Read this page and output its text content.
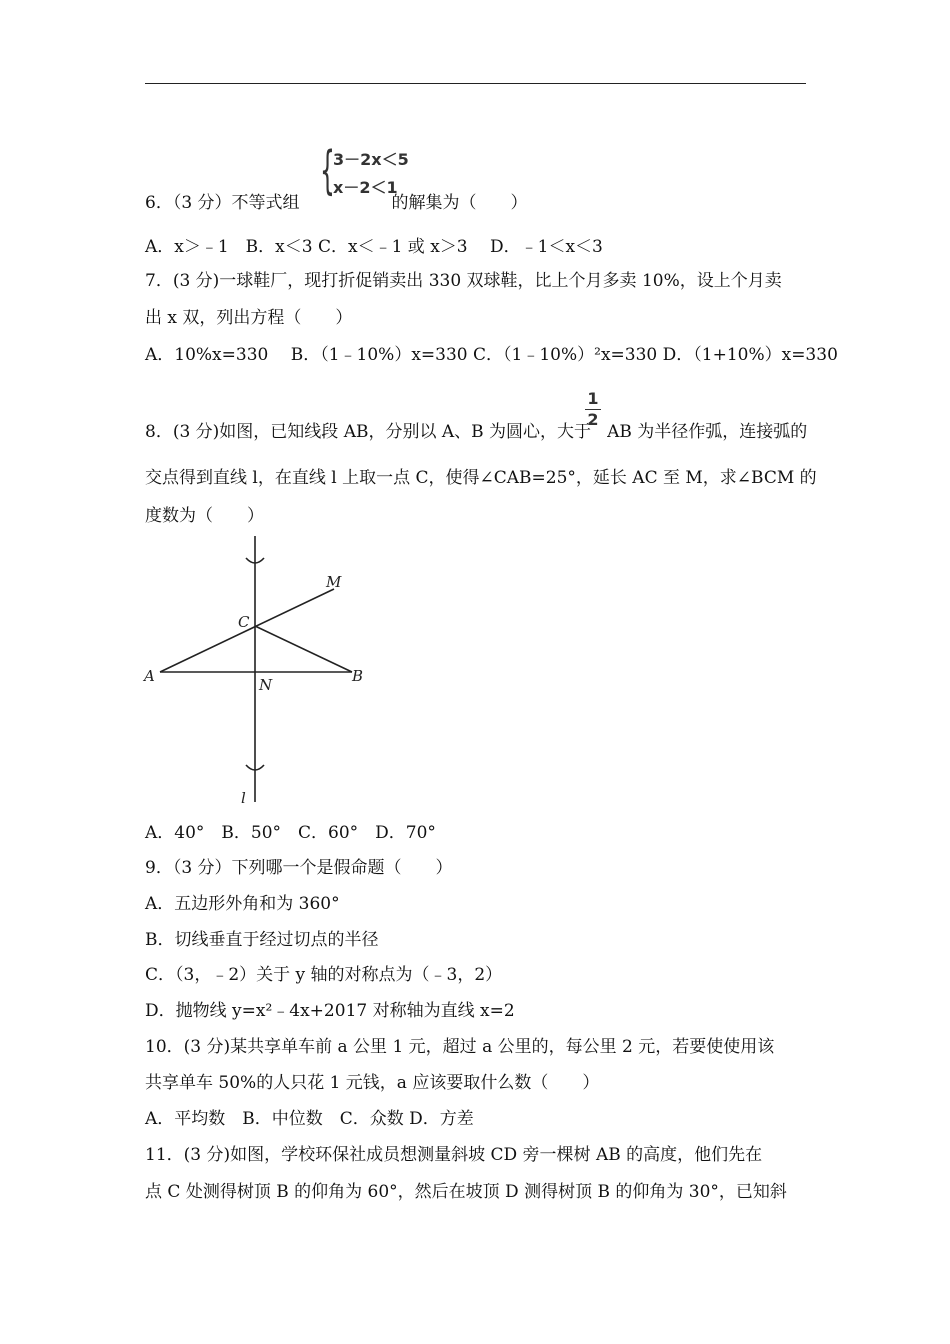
{
3－2x＜5
x－2＜1
6．（3 分）不等式组	的解集为（　　）
A．x＞﹣1　B．x＜3 C．x＜﹣1 或 x＞3　 D．﹣1＜x＜3
7．(3 分)一球鞋厂，现打折促销卖出 330 双球鞋，比上个月多卖 10%，设上个月卖
出 x 双，列出方程（　　）
A．10%x=330　 B．（1﹣10%）x=330 C．（1﹣10%）²x=330 D．（1+10%）x=330
1
2
8．(3 分)如图，已知线段 AB，分别以 A、B 为圆心，大于 AB 为半径作弧，连接弧的
交点得到直线 l，在直线 l 上取一点 C，使得∠CAB=25°，延长 AC 至 M，求∠BCM 的
度数为（　　）
M
C
A	N	B
l
A．40°　B．50°　C．60°　D．70°
9．（3 分）下列哪一个是假命题（　　）
A．五边形外角和为 360°
B．切线垂直于经过切点的半径
C．（3，﹣2）关于 y 轴的对称点为（﹣3，2）
D．抛物线 y=x²﹣4x+2017 对称轴为直线 x=2
10．(3 分)某共享单车前 a 公里 1 元，超过 a 公里的，每公里 2 元，若要使使用该
共享单车 50%的人只花 1 元钱，a 应该要取什么数（　　）
A．平均数　B．中位数　C．众数 D．方差
11．(3 分)如图，学校环保社成员想测量斜坡 CD 旁一棵树 AB 的高度，他们先在
点 C 处测得树顶 B 的仰角为 60°，然后在坡顶 D 测得树顶 B 的仰角为 30°，已知斜
